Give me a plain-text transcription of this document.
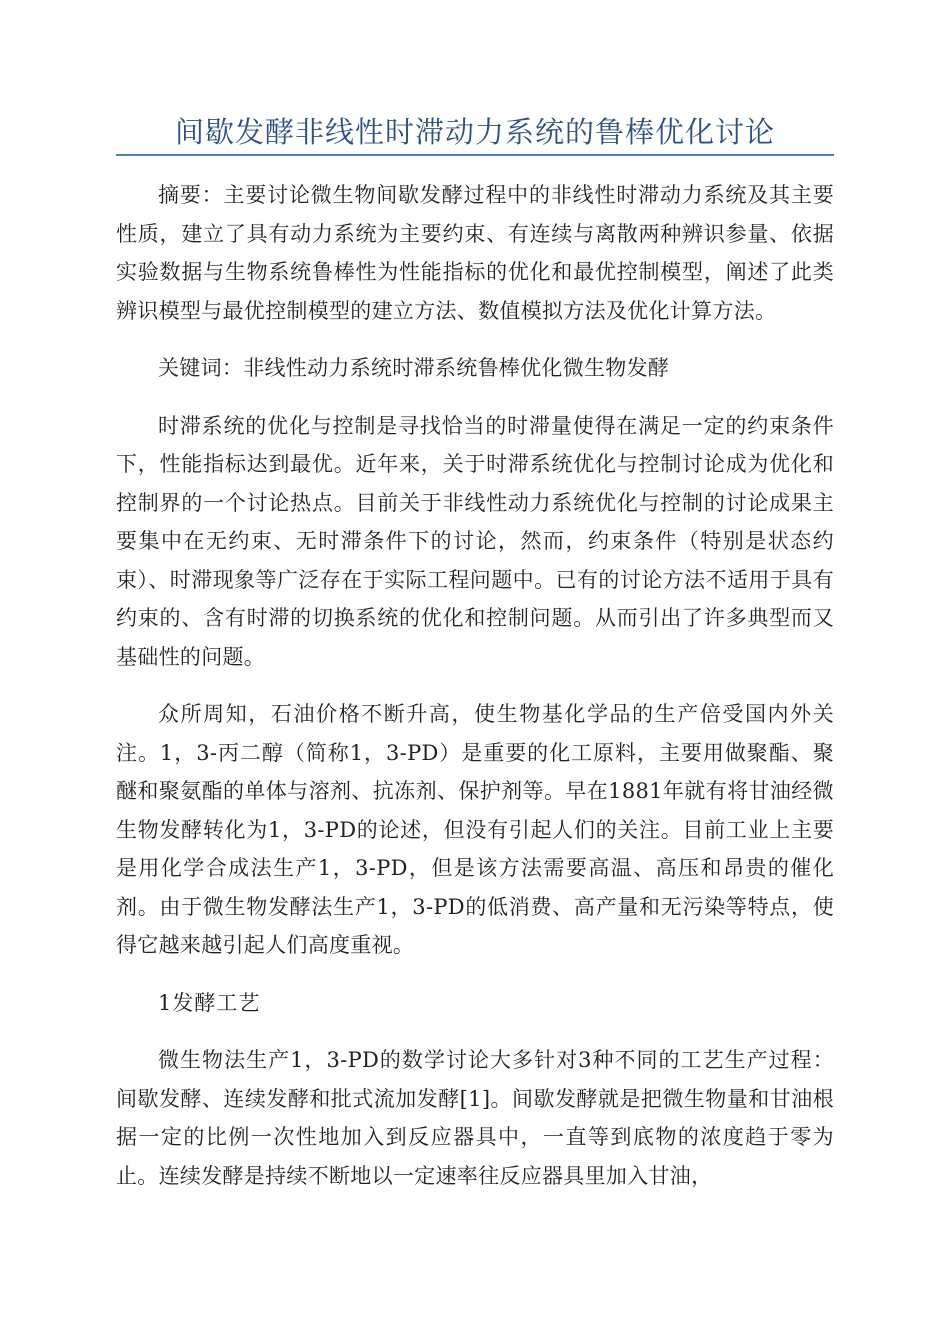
间歇发酵非线性时滞动力系统的鲁棒优化讨论

摘要：主要讨论微生物间歇发酵过程中的非线性时滞动力系统及其主要性质，建立了具有动力系统为主要约束、有连续与离散两种辨识参量、依据实验数据与生物系统鲁棒性为性能指标的优化和最优控制模型，阐述了此类辨识模型与最优控制模型的建立方法、数值模拟方法及优化计算方法。

关键词：非线性动力系统时滞系统鲁棒优化微生物发酵

时滞系统的优化与控制是寻找恰当的时滞量使得在满足一定的约束条件下，性能指标达到最优。近年来，关于时滞系统优化与控制讨论成为优化和控制界的一个讨论热点。目前关于非线性动力系统优化与控制的讨论成果主要集中在无约束、无时滞条件下的讨论，然而，约束条件（特别是状态约束）、时滞现象等广泛存在于实际工程问题中。已有的讨论方法不适用于具有约束的、含有时滞的切换系统的优化和控制问题。从而引出了许多典型而又基础性的问题。

众所周知，石油价格不断升高，使生物基化学品的生产倍受国内外关注。1，3-丙二醇（简称1，3-PD）是重要的化工原料，主要用做聚酯、聚醚和聚氨酯的单体与溶剂、抗冻剂、保护剂等。早在1881年就有将甘油经微生物发酵转化为1，3-PD的论述，但没有引起人们的关注。目前工业上主要是用化学合成法生产1，3-PD，但是该方法需要高温、高压和昂贵的催化剂。由于微生物发酵法生产1，3-PD的低消费、高产量和无污染等特点，使得它越来越引起人们高度重视。

1发酵工艺

微生物法生产1，3-PD的数学讨论大多针对3种不同的工艺生产过程：间歇发酵、连续发酵和批式流加发酵[1]。间歇发酵就是把微生物量和甘油根据一定的比例一次性地加入到反应器具中，一直等到底物的浓度趋于零为止。连续发酵是持续不断地以一定速率往反应器具里加入甘油，
